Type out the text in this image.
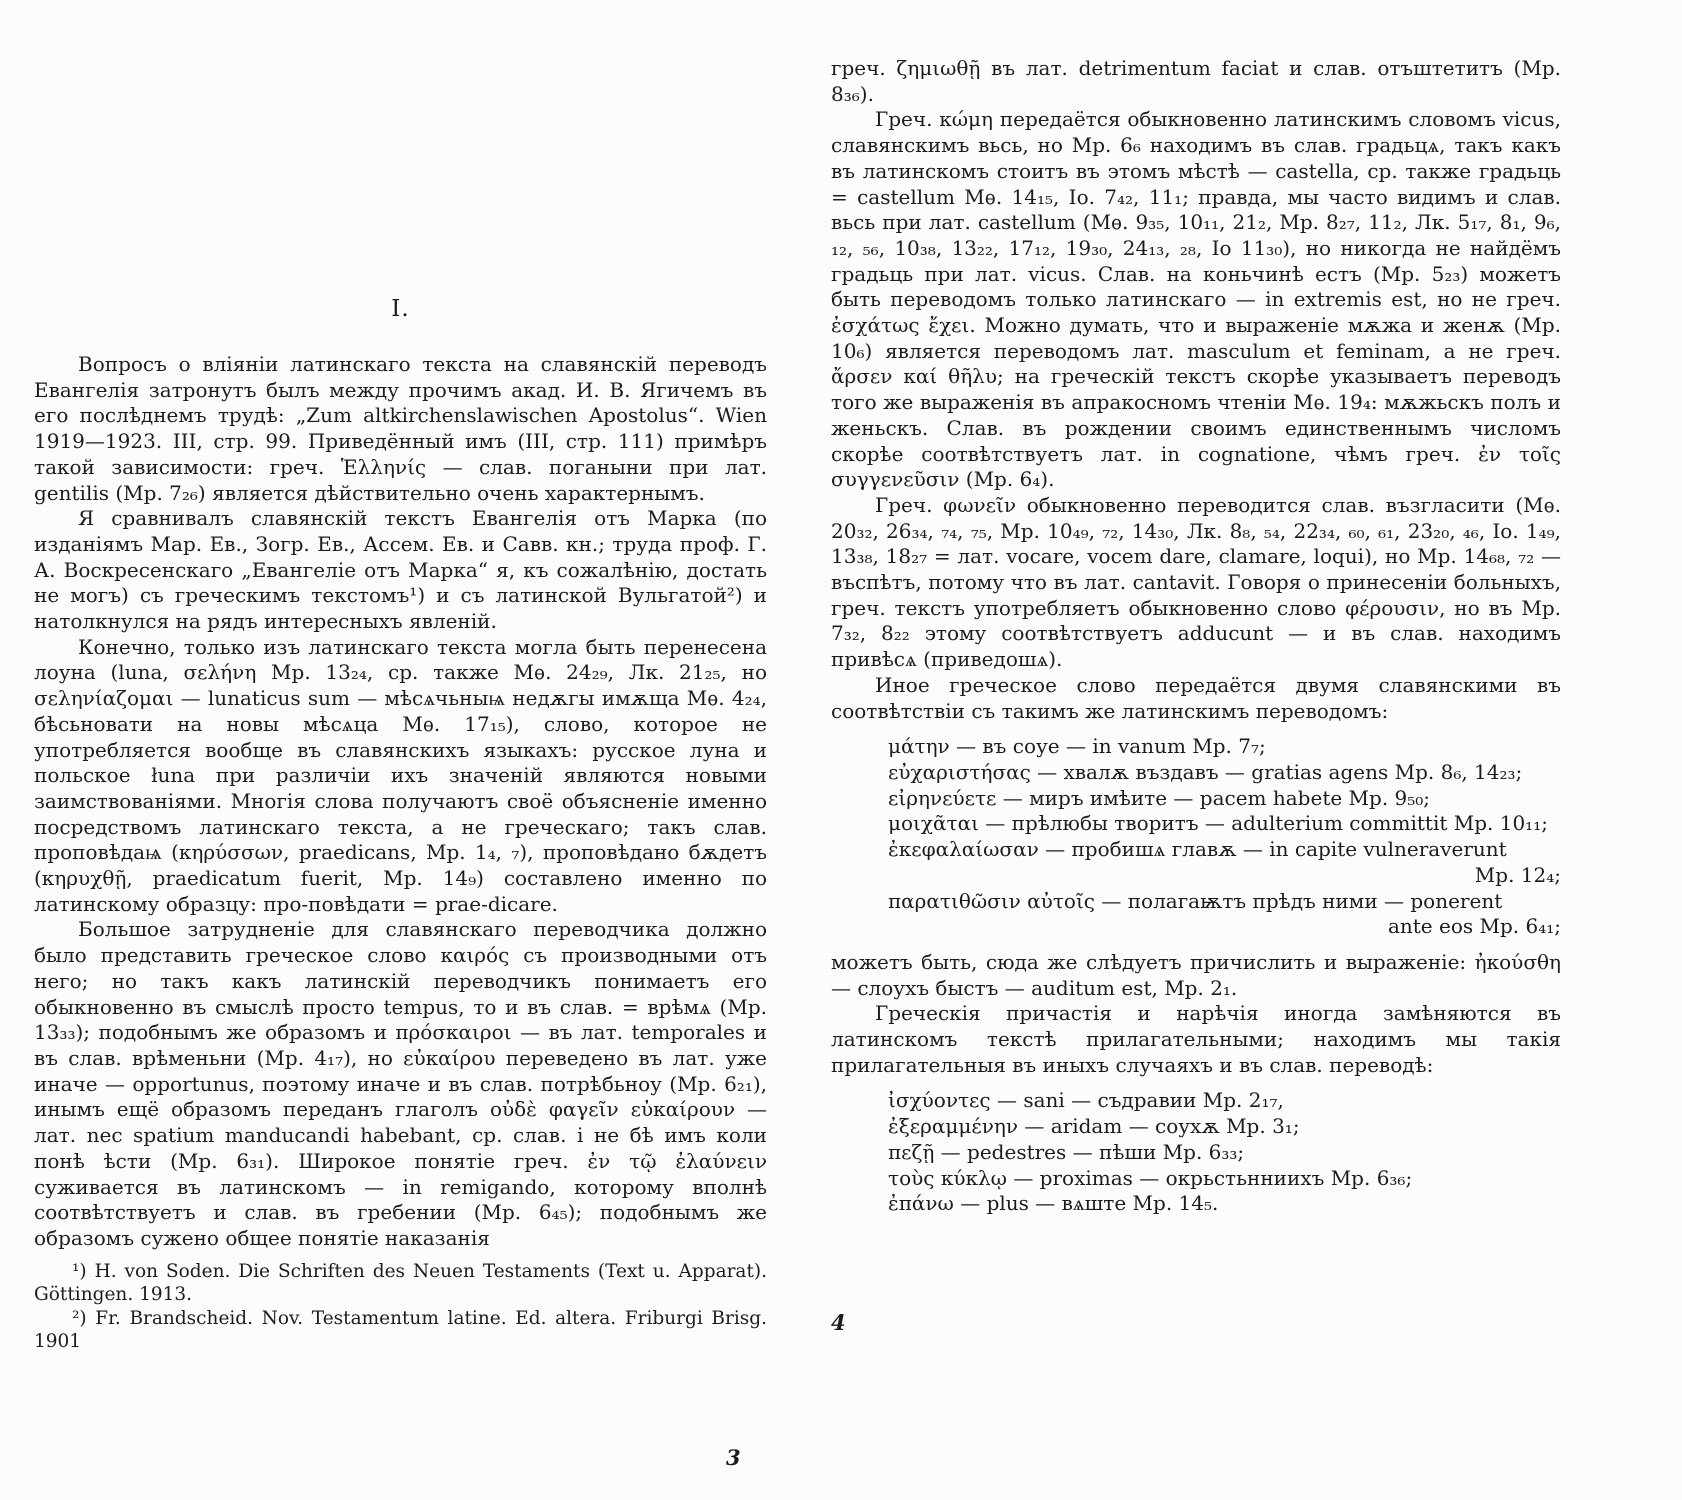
I.

Вопросъ о вліяніи латинскаго текста на славянскій переводъ Евангелія затронутъ былъ между прочимъ акад. И. В. Ягичемъ въ его послѣднемъ трудѣ: „Zum altkirchenslawischen Apostolus“. Wien 1919—1923. III, стр. 99. Приведённый имъ (III, стр. 111) примѣръ такой зависимости: греч. Ἑλληνίς — слав. поганыни при лат. gentilis (Мр. 7₂₆) является дѣйствительно очень характернымъ.

Я сравнивалъ славянскій текстъ Евангелія отъ Марка (по изданіямъ Мар. Ев., Зогр. Ев., Ассем. Ев. и Савв. кн.; труда проф. Г. А. Воскресенскаго „Евангеліе отъ Марка“ я, къ сожалѣнію, достать не могъ) съ греческимъ текстомъ¹) и съ латинской Вульгатой²) и натолкнулся на рядъ интересныхъ явленій.

Конечно, только изъ латинскаго текста могла быть перенесена лоуна (luna, σελήνη Мр. 13₂₄, ср. также Мѳ. 24₂₉, Лк. 21₂₅, но σεληνίαζομαι — lunaticus sum — мѣсѧчьныѩ недѫгы имѫща Мѳ. 4₂₄, бѣсьновати на новы мѣсѧца Мѳ. 17₁₅), слово, которое не употребляется вообще въ славянскихъ языкахъ: русское луна и польское łuna при различіи ихъ значеній являются новыми заимствованіями. Многія слова получаютъ своё объясненіе именно посредствомъ латинскаго текста, а не греческаго; такъ слав. проповѣдаѩ (κηρύσσων, praedicans, Мр. 1₄, ₇), проповѣдано бѫдетъ (κηρυχθῇ, praedicatum fuerit, Мр. 14₉) составлено именно по латинскому образцу: про-повѣдати = prae-dicare.

Большое затрудненіе для славянскаго переводчика должно было представить греческое слово καιρός съ производными отъ него; но такъ какъ латинскій переводчикъ понимаетъ его обыкновенно въ смыслѣ просто tempus, то и въ слав. = врѣмѧ (Мр. 13₃₃); подобнымъ же образомъ и πρόσκαιροι — въ лат. temporales и въ слав. врѣменьни (Мр. 4₁₇), но εὐκαίρου переведено въ лат. уже иначе — opportunus, поэтому иначе и въ слав. потрѣбьноу (Мр. 6₂₁), инымъ ещё образомъ переданъ глаголъ οὐδὲ φαγεῖν εὐκαίρουν — лат. nec spatium manducandi habebant, ср. слав. і не бѣ имъ коли понѣ ѣсти (Мр. 6₃₁). Широкое понятіе греч. ἐν τῷ ἐλαύνειν суживается въ латинскомъ — in remigando, которому вполнѣ соотвѣтствуетъ и слав. въ гребении (Мр. 6₄₅); подобнымъ же образомъ сужено общее понятіе наказанія

¹) H. von Soden. Die Schriften des Neuen Testaments (Text u. Apparat). Göttingen. 1913.

²) Fr. Brandscheid. Nov. Testamentum latine. Ed. altera. Friburgi Brisg. 1901

греч. ζημιωθῇ въ лат. detrimentum faciat и слав. отъштетитъ (Мр. 8₃₆).

Греч. κώμη передаётся обыкновенно латинскимъ словомъ vicus, славянскимъ вьсь, но Мр. 6₆ находимъ въ слав. градьцѧ, такъ какъ въ латинскомъ стоитъ въ этомъ мѣстѣ — castella, ср. также градьць = castellum Мѳ. 14₁₅, Іо. 7₄₂, 11₁; правда, мы часто видимъ и слав. вьсь при лат. castellum (Мѳ. 9₃₅, 10₁₁, 21₂, Мр. 8₂₇, 11₂, Лк. 5₁₇, 8₁, 9₆, ₁₂, ₅₆, 10₃₈, 13₂₂, 17₁₂, 19₃₀, 24₁₃, ₂₈, Іо 11₃₀), но никогда не найдёмъ градьць при лат. vicus. Слав. на коньчинѣ естъ (Мр. 5₂₃) можетъ быть переводомъ только латинскаго — in extremis est, но не греч. ἐσχάτως ἔχει. Можно думать, что и выраженіе мѫжа и женѫ (Мр. 10₆) является переводомъ лат. masculum et feminam, а не греч. ἄρσεν καί θῆλυ; на греческій текстъ скорѣе указываетъ переводъ того же выраженія въ апракосномъ чтеніи Мѳ. 19₄: мѫжьскъ полъ и женьскъ. Слав. въ рождении своимъ единственнымъ числомъ скорѣе соотвѣтствуетъ лат. in cognatione, чѣмъ греч. ἐν τοῖς συγγενεῦσιν (Мр. 6₄).

Греч. φωνεῖν обыкновенно переводится слав. възгласити (Мѳ. 20₃₂, 26₃₄, ₇₄, ₇₅, Мр. 10₄₉, ₇₂, 14₃₀, Лк. 8₈, ₅₄, 22₃₄, ₆₀, ₆₁, 23₂₀, ₄₆, Іо. 1₄₉, 13₃₈, 18₂₇ = лат. vocare, vocem dare, clamare, loqui), но Мр. 14₆₈, ₇₂ — въспѣтъ, потому что въ лат. cantavit. Говоря о принесеніи больныхъ, греч. текстъ употребляетъ обыкновенно слово φέρουσιν, но въ Мр. 7₃₂, 8₂₂ этому соотвѣтствуетъ adducunt — и въ слав. находимъ привѣсѧ (приведошѧ).

Иное греческое слово передаётся двумя славянскими въ соотвѣтствіи съ такимъ же латинскимъ переводомъ:

μάτην — въ соуе — in vanum Мр. 7₇;
εὐχαριστήσας — хвалѫ въздавъ — gratias agens Мр. 8₆, 14₂₃;
εἰρηνεύετε — миръ имѣите — pacem habete Мр. 9₅₀;
μοιχᾶται — прѣлюбы творитъ — adulterium committit Мр. 10₁₁;
ἐκεφαλαίωσαν — пробишѧ главѫ — in capite vulneraverunt
Мр. 12₄;
παρατιθῶσιν αὐτοῖς — полагаѭтъ прѣдъ ними — ponerent
ante eos Мр. 6₄₁;

можетъ быть, сюда же слѣдуетъ причислить и выраженіе: ἠκούσθη — слоухъ быстъ — auditum est, Мр. 2₁.

Греческія причастія и нарѣчія иногда замѣняются въ латинскомъ текстѣ прилагательными; находимъ мы такія прилагательныя въ иныхъ случаяхъ и въ слав. переводѣ:

ἰσχύοντες — sani — съдравии Мр. 2₁₇,
ἐξεραμμένην — aridam — соухѫ Мр. 3₁;
πεζῇ — pedestres — пѣши Мр. 6₃₃;
τοὺς κύκλῳ — proximas — окрьстьнниихъ Мр. 6₃₆;
ἐπάνω — plus — вѧште Мр. 14₅.
3
4
